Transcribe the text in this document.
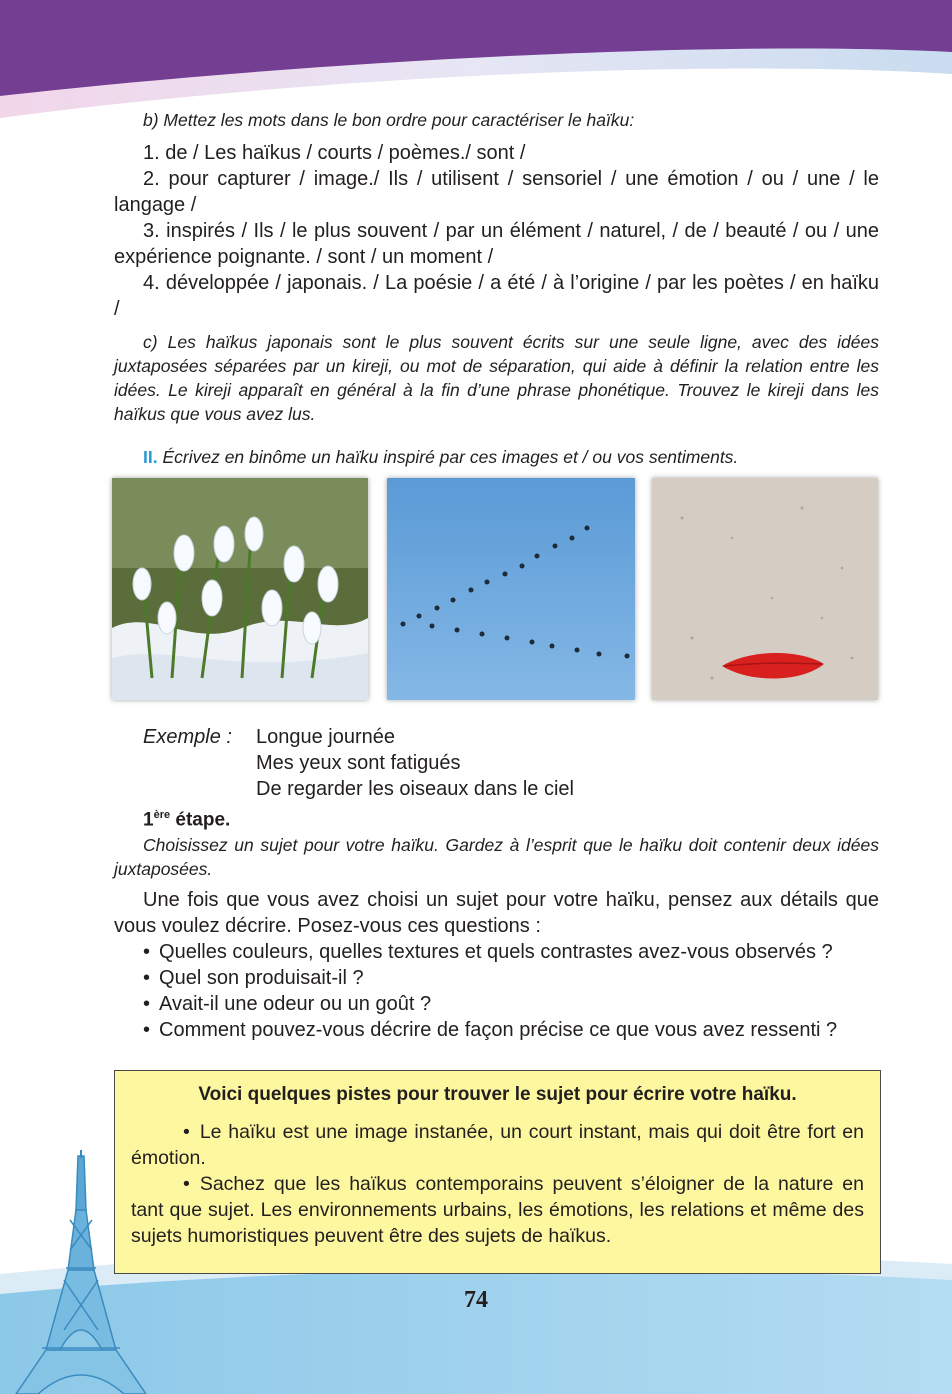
b) Mettez les mots dans le bon ordre pour caractériser le haïku:

1. de / Les haïkus / courts / poèmes./ sont /

2. pour capturer / image./ Ils / utilisent / sensoriel / une émotion / ou / une / le langage /

3. inspirés / Ils / le plus souvent / par un élément / naturel, / de / beauté / ou / une expérience poignante. / sont / un moment /

4. développée / japonais. / La poésie / a été / à l’origine / par les poètes / en haïku /

c) Les haïkus japonais sont le plus souvent écrits sur une seule ligne, avec des idées juxtaposées séparées par un kireji, ou mot de séparation, qui aide à définir la relation entre les idées. Le kireji apparaît en général à la fin d’une phrase phonétique. Trouvez le kireji dans les haïkus que vous avez lus.

II. Écrivez en binôme un haïku inspiré par ces images et / ou vos sentiments.
Exemple : Longue journée
Mes yeux sont fatigués
De regarder les oiseaux dans le ciel
1ère étape.

Choisissez un sujet pour votre haïku. Gardez à l’esprit que le haïku doit contenir deux idées juxtaposées.

Une fois que vous avez choisi un sujet pour votre haïku, pensez aux détails que vous voulez décrire. Posez-vous ces questions :

• Quelles couleurs, quelles textures et quels contrastes avez-vous observés ?
• Quel son produisait-il ?
• Avait-il une odeur ou un goût ?
• Comment pouvez-vous décrire de façon précise ce que vous avez ressenti ?
Voici quelques pistes pour trouver le sujet pour écrire votre haïku.
• Le haïku est une image instanée, un court instant, mais qui doit être fort en émotion.
• Sachez que les haïkus contemporains peuvent s’éloigner de la nature en tant que sujet. Les environnements urbains, les émotions, les relations et même des sujets humoristiques peuvent être des sujets de haïkus.
74
